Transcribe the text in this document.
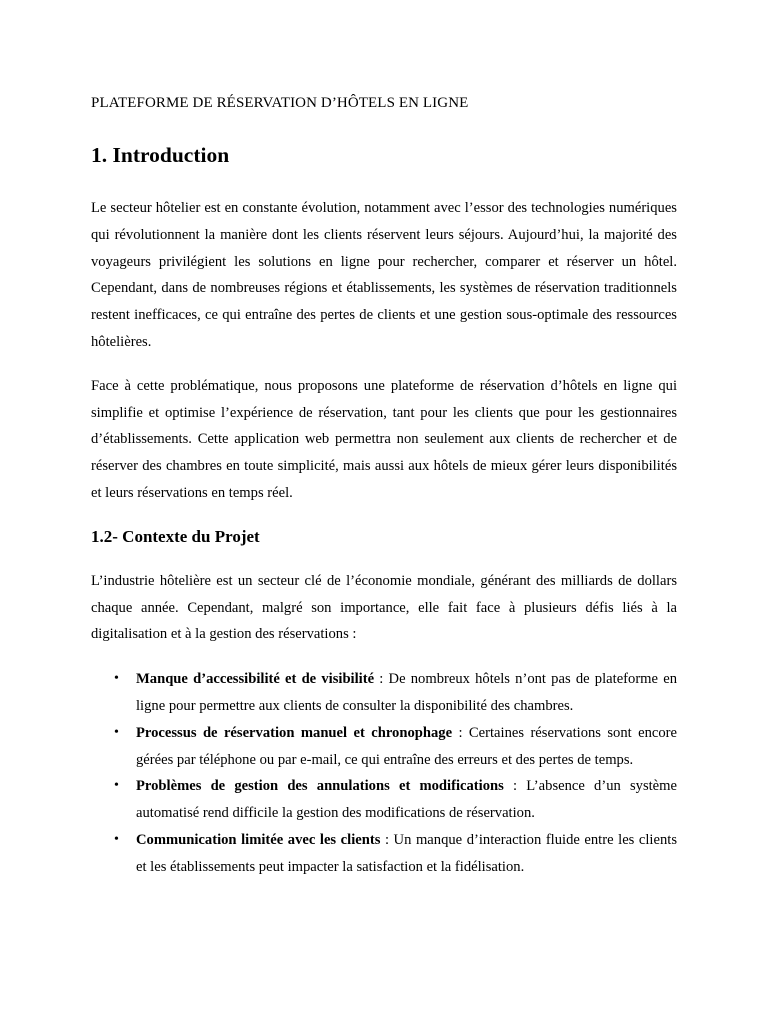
PLATEFORME DE RÉSERVATION D’HÔTELS EN LIGNE
1. Introduction

Le secteur hôtelier est en constante évolution, notamment avec l’essor des technologies numériques qui révolutionnent la manière dont les clients réservent leurs séjours. Aujourd’hui, la majorité des voyageurs privilégient les solutions en ligne pour rechercher, comparer et réserver un hôtel. Cependant, dans de nombreuses régions et établissements, les systèmes de réservation traditionnels restent inefficaces, ce qui entraîne des pertes de clients et une gestion sous-optimale des ressources hôtelières.

Face à cette problématique, nous proposons une plateforme de réservation d’hôtels en ligne qui simplifie et optimise l’expérience de réservation, tant pour les clients que pour les gestionnaires d’établissements. Cette application web permettra non seulement aux clients de rechercher et de réserver des chambres en toute simplicité, mais aussi aux hôtels de mieux gérer leurs disponibilités et leurs réservations en temps réel.

1.2- Contexte du Projet

L’industrie hôtelière est un secteur clé de l’économie mondiale, générant des milliards de dollars chaque année. Cependant, malgré son importance, elle fait face à plusieurs défis liés à la digitalisation et à la gestion des réservations :

• Manque d’accessibilité et de visibilité : De nombreux hôtels n’ont pas de plateforme en ligne pour permettre aux clients de consulter la disponibilité des chambres.
• Processus de réservation manuel et chronophage : Certaines réservations sont encore gérées par téléphone ou par e-mail, ce qui entraîne des erreurs et des pertes de temps.
• Problèmes de gestion des annulations et modifications : L’absence d’un système automatisé rend difficile la gestion des modifications de réservation.
• Communication limitée avec les clients : Un manque d’interaction fluide entre les clients et les établissements peut impacter la satisfaction et la fidélisation.
